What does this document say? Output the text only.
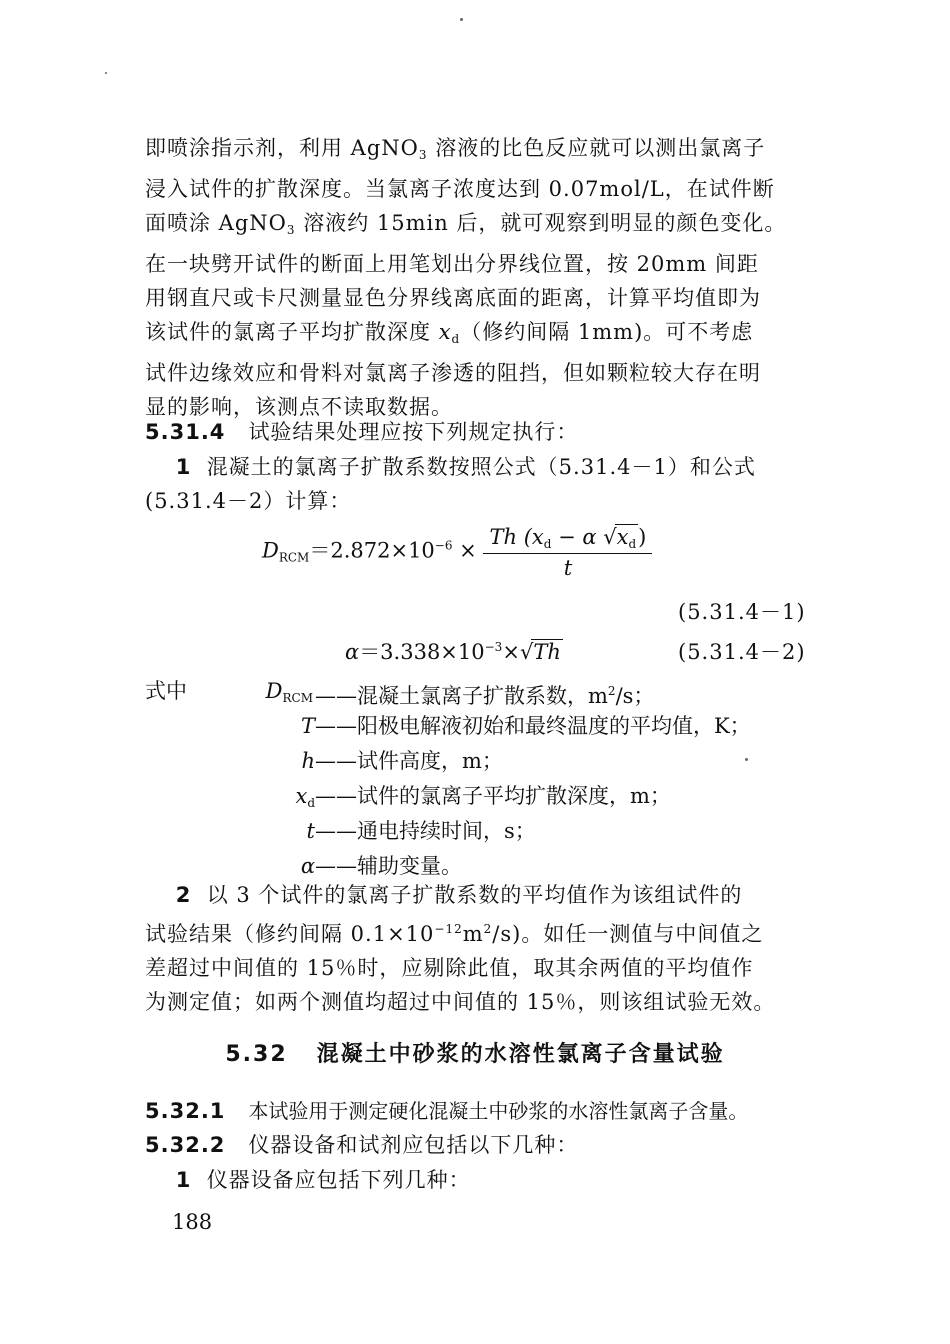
即喷涂指示剂，利用 AgNO$_3$ 溶液的比色反应就可以测出氯离子
浸入试件的扩散深度。当氯离子浓度达到 0.07mol/L，在试件断
面喷涂 AgNO$_3$ 溶液约 15min 后，就可观察到明显的颜色变化。
在一块劈开试件的断面上用笔划出分界线位置，按 20mm 间距
用钢直尺或卡尺测量显色分界线离底面的距离，计算平均值即为
该试件的氯离子平均扩散深度 $x_d$（修约间隔 1mm)。可不考虑
试件边缘效应和骨料对氯离子渗透的阻挡，但如颗粒较大存在明
显的影响，该测点不读取数据。
5.31.4 试验结果处理应按下列规定执行：
1 混凝土的氯离子扩散系数按照公式（5.31.4－1）和公式
(5.31.4－2）计算：
$D_{RCM}=2.872\times 10^{-6} \times \frac{Th (x_d - \alpha √x_d)}{t}$
(5.31.4－1)
$\alpha=3.338\times 10^{-3}\times√Th$	(5.31.4－2)
式中	$D_{RCM}$ ——混凝土氯离子扩散系数，$m^2/s$；
T ——阳极电解液初始和最终温度的平均值，K；
h ——试件高度，m；
$x_d$ ——试件的氯离子平均扩散深度，m；
t ——通电持续时间，s；
α ——辅助变量。
2 以 3 个试件的氯离子扩散系数的平均值作为该组试件的
试验结果（修约间隔 $0.1\times 10^{-12}m^2/s$)。如任一测值与中间值之
差超过中间值的 15％时，应剔除此值，取其余两值的平均值作
为测定值；如两个测值均超过中间值的 15％，则该组试验无效。
5.32 混凝土中砂浆的水溶性氯离子含量试验
5.32.1 本试验用于测定硬化混凝土中砂浆的水溶性氯离子含量。
5.32.2 仪器设备和试剂应包括以下几种：
1 仪器设备应包括下列几种：
188
